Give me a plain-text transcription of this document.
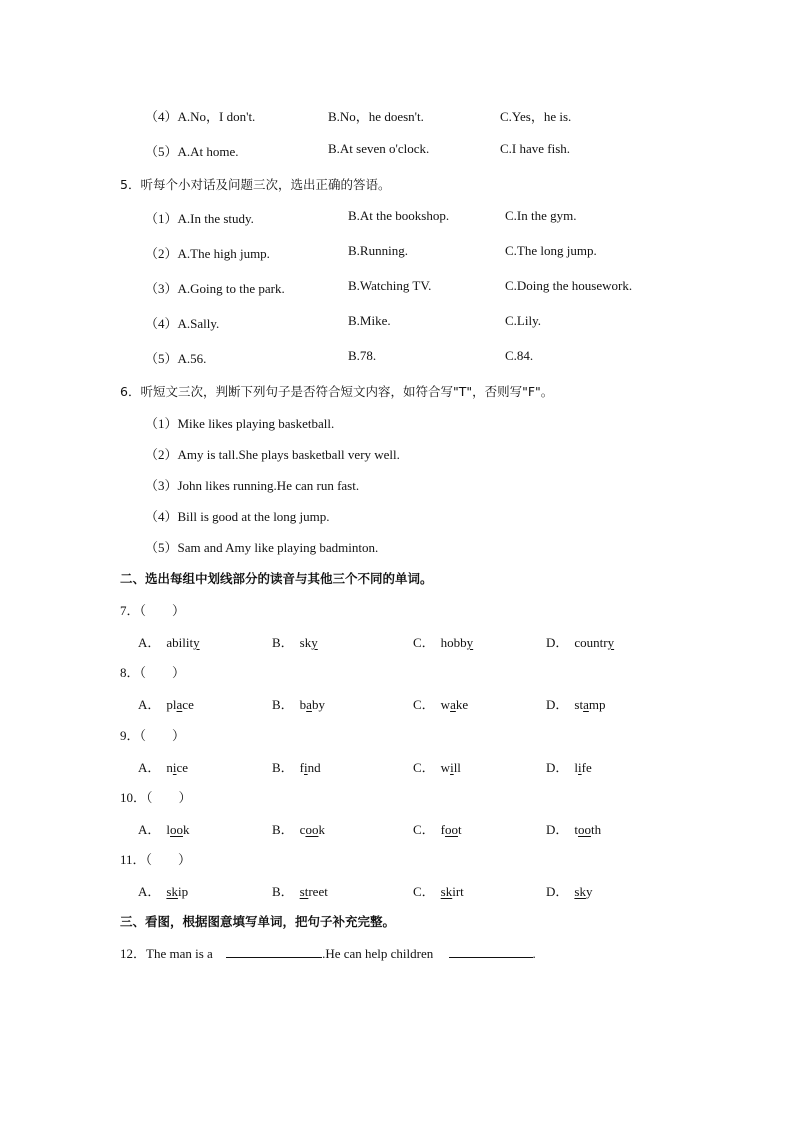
（4）A.No，I don't.	B.No，he doesn't.	C.Yes，he is.
（5）A.At home.	B.At seven o'clock.	C.I have fish.
5．听每个小对话及问题三次，选出正确的答语。
（1）A.In the study.	B.At the bookshop.	C.In the gym.
（2）A.The high jump.	B.Running.	C.The long jump.
（3）A.Going to the park.	B.Watching TV.	C.Doing the housework.
（4）A.Sally.	B.Mike.	C.Lily.
（5）A.56.	B.78.	C.84.
6．听短文三次，判断下列句子是否符合短文内容，如符合写"T"，否则写"F"。
（1）Mike likes playing basketball.
（2）Amy is tall.She plays basketball very well.
（3）John likes running.He can run fast.
（4）Bill is good at the long jump.
（5）Sam and Amy like playing badminton.
二、选出每组中划线部分的读音与其他三个不同的单词。
7．（　　）
A． ability	B． sky	C． hobby	D． country
8．（　　）
A． place	B． baby	C． wake	D． stamp
9．（　　）
A． nice	B． find	C． will	D． life
10．（　　）
A． look	B． cook	C． foot	D． tooth
11．（　　）
A． skip	B． street	C． skirt	D． sky
三、看图，根据图意填写单词，把句子补充完整。
12．The man is a	.He can help children	.
